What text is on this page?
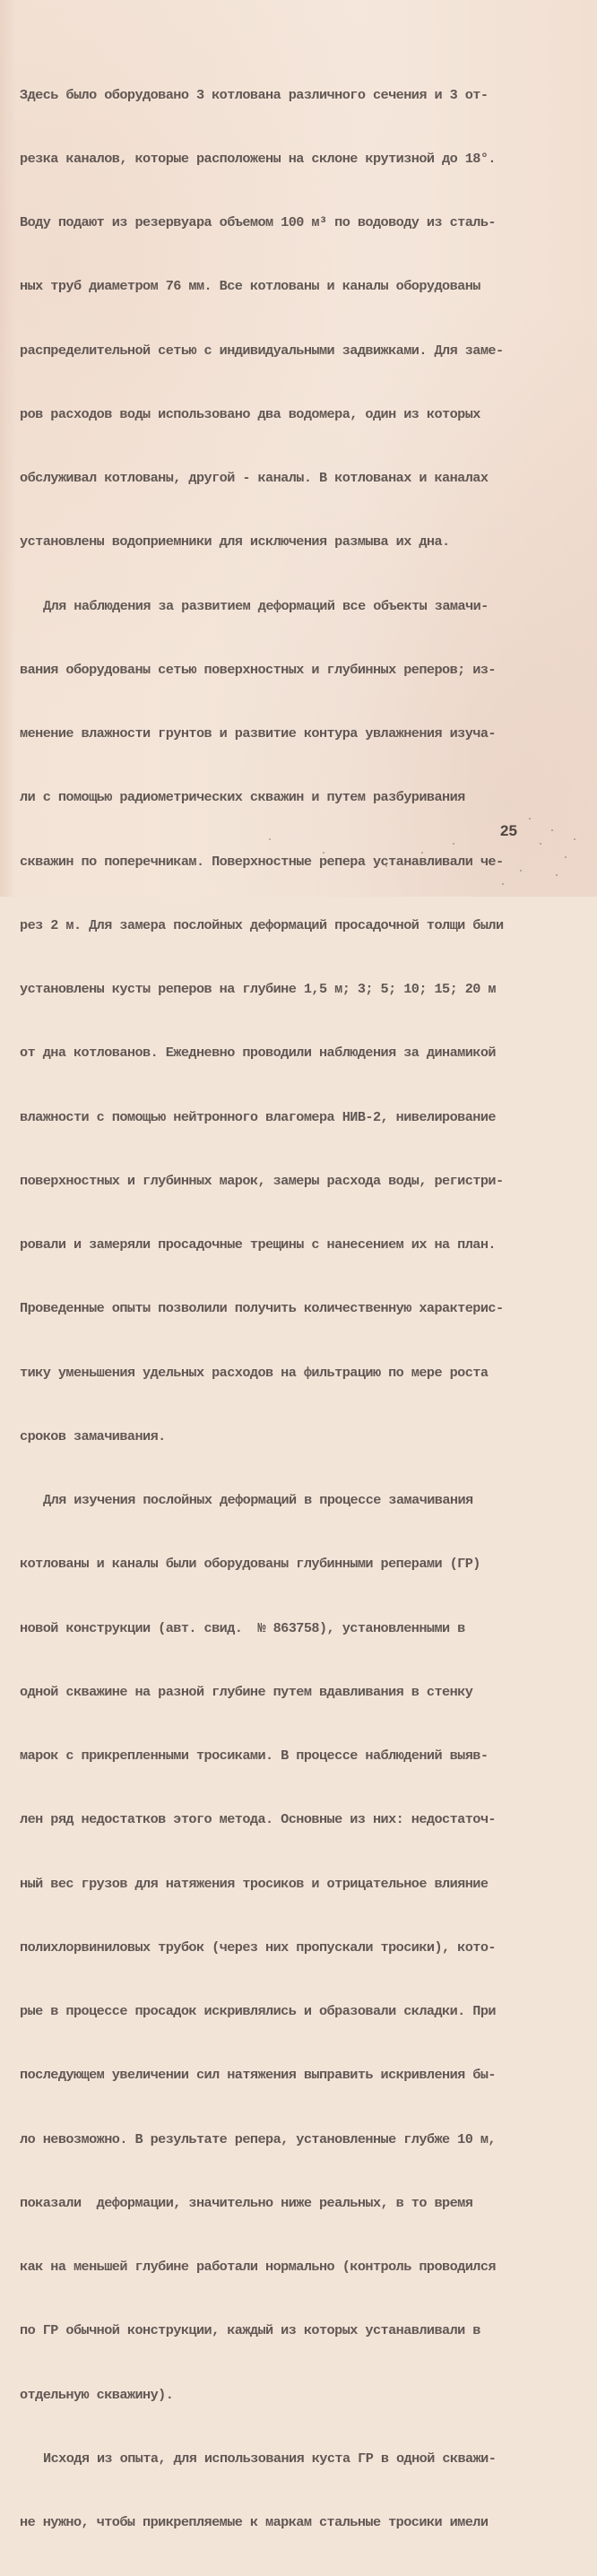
Здесь было оборудовано 3 котлована различного сечения и 3 от-

резка каналов, которые расположены на склоне крутизной до 18°.

Воду подают из резервуара объемом 100 м³ по водоводу из сталь-

ных труб диаметром 76 мм. Все котлованы и каналы оборудованы

распределительной сетью с индивидуальными задвижками. Для заме-

ров расходов воды использовано два водомера, один из которых

обслуживал котлованы, другой - каналы. В котлованах и каналах

установлены водоприемники для исключения размыва их дна.

Для наблюдения за развитием деформаций все объекты замачи-

вания оборудованы сетью поверхностных и глубинных реперов; из-

менение влажности грунтов и развитие контура увлажнения изуча-

ли с помощью радиометрических скважин и путем разбуривания

скважин по поперечникам. Поверхностные репера устанавливали че-

рез 2 м. Для замера послойных деформаций просадочной толщи были

установлены кусты реперов на глубине 1,5 м; 3; 5; 10; 15; 20 м

от дна котлованов. Ежедневно проводили наблюдения за динамикой

влажности с помощью нейтронного влагомера НИВ-2, нивелирование

поверхностных и глубинных марок, замеры расхода воды, регистри-

ровали и замеряли просадочные трещины с нанесением их на план.

Проведенные опыты позволили получить количественную характерис-

тику уменьшения удельных расходов на фильтрацию по мере роста

сроков замачивания.

Для изучения послойных деформаций в процессе замачивания

котлованы и каналы были оборудованы глубинными реперами (ГР)

новой конструкции (авт. свид.  № 863758), установленными в

одной скважине на разной глубине путем вдавливания в стенку

марок с прикрепленными тросиками. В процессе наблюдений выяв-

лен ряд недостатков этого метода. Основные из них: недостаточ-

ный вес грузов для натяжения тросиков и отрицательное влияние

полихлорвиниловых трубок (через них пропускали тросики), кото-

рые в процессе просадок искривлялись и образовали складки. При

последующем увеличении сил натяжения выправить искривления бы-

ло невозможно. В результате репера, установленные глубже 10 м,

показали  деформации, значительно ниже реальных, в то время

как на меньшей глубине работали нормально (контроль проводился

по ГР обычной конструкции, каждый из которых устанавливали в

отдельную скважину).

Исходя из опыта, для использования куста ГР в одной скважи-

не нужно, чтобы прикрепляемые к маркам стальные тросики имели

25
